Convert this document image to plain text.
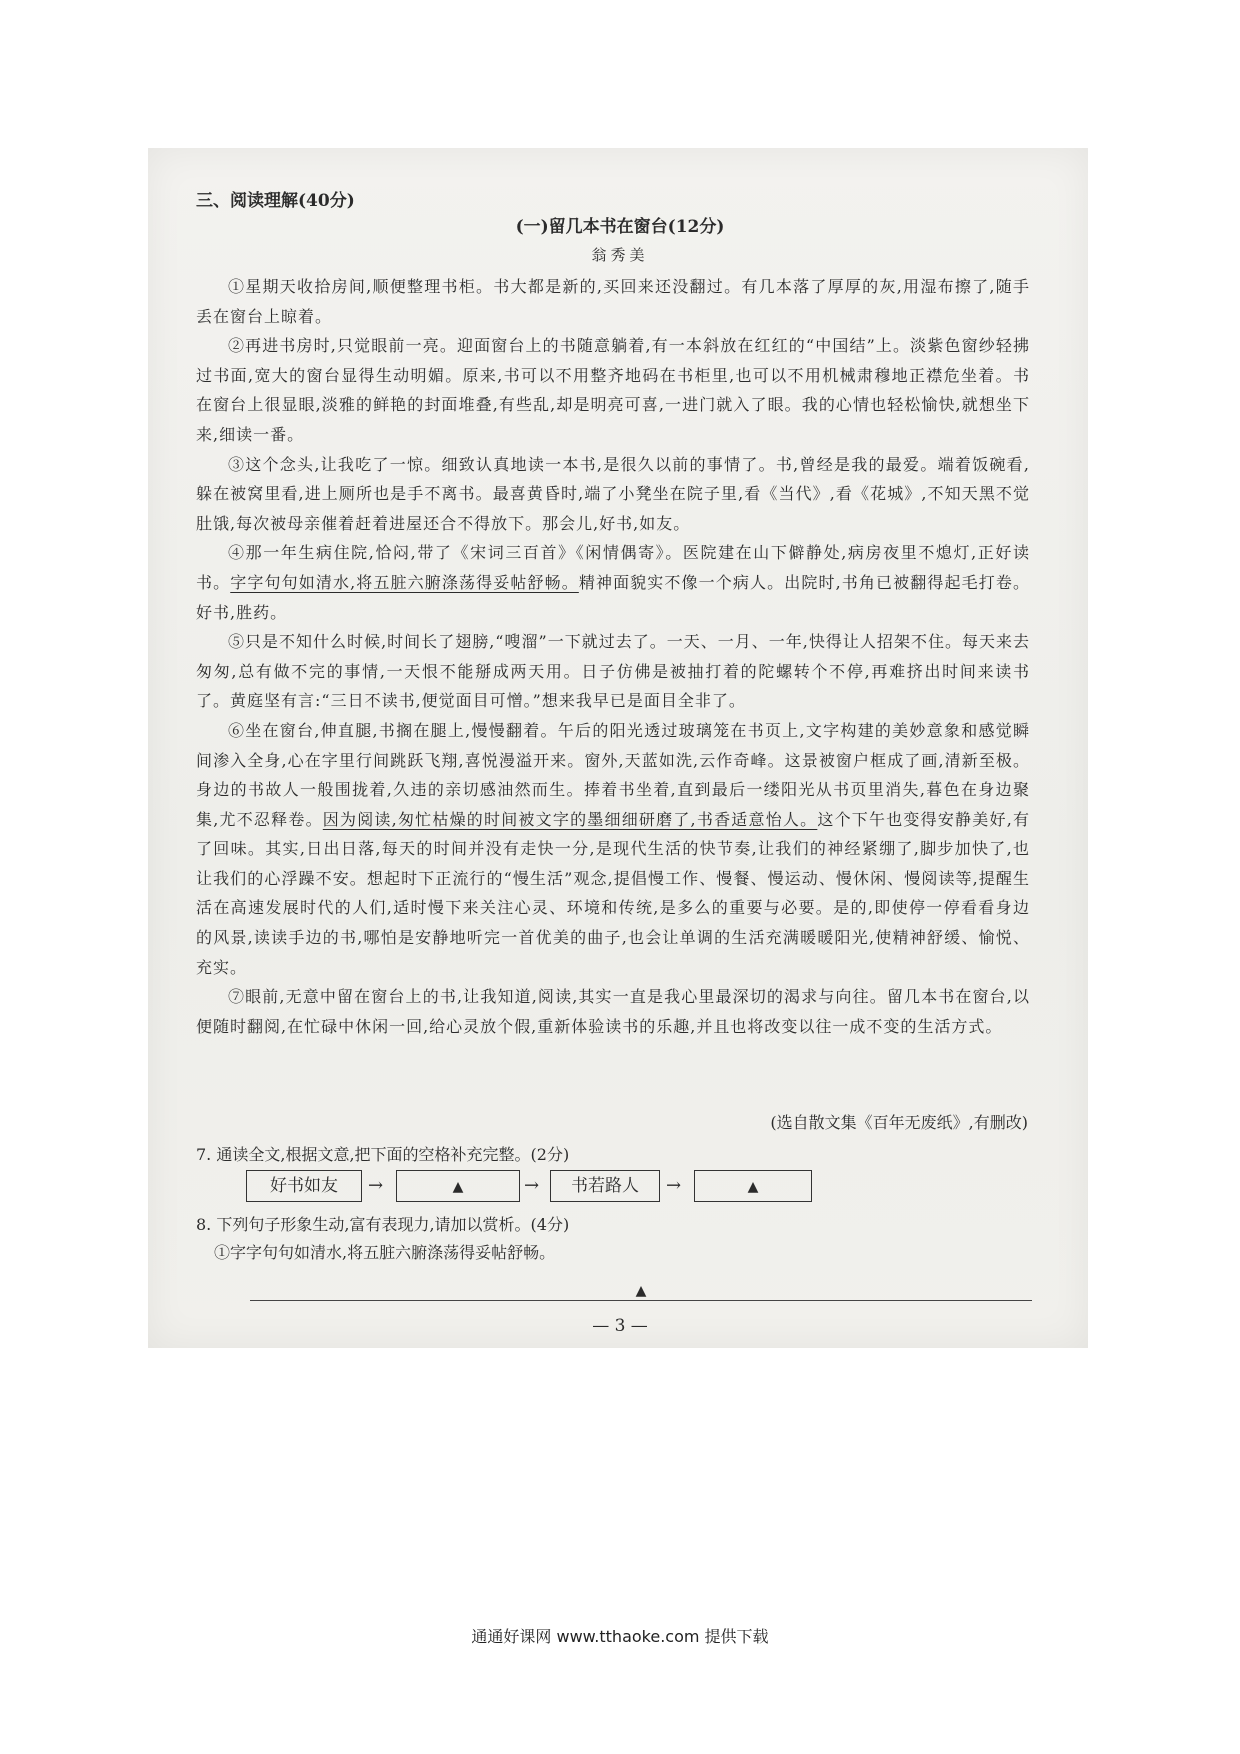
三、阅读理解(40分)
(一)留几本书在窗台(12分)
翁秀美

①星期天收拾房间,顺便整理书柜。书大都是新的,买回来还没翻过。有几本落了厚厚的灰,用湿布擦了,随手丢在窗台上晾着。

②再进书房时,只觉眼前一亮。迎面窗台上的书随意躺着,有一本斜放在红红的“中国结”上。淡紫色窗纱轻拂过书面,宽大的窗台显得生动明媚。原来,书可以不用整齐地码在书柜里,也可以不用机械肃穆地正襟危坐着。书在窗台上很显眼,淡雅的鲜艳的封面堆叠,有些乱,却是明亮可喜,一进门就入了眼。我的心情也轻松愉快,就想坐下来,细读一番。

③这个念头,让我吃了一惊。细致认真地读一本书,是很久以前的事情了。书,曾经是我的最爱。端着饭碗看,躲在被窝里看,进上厕所也是手不离书。最喜黄昏时,端了小凳坐在院子里,看《当代》,看《花城》,不知天黑不觉肚饿,每次被母亲催着赶着进屋还合不得放下。那会儿,好书,如友。

④那一年生病住院,恰闷,带了《宋词三百首》《闲情偶寄》。医院建在山下僻静处,病房夜里不熄灯,正好读书。字字句句如清水,将五脏六腑涤荡得妥帖舒畅。精神面貌实不像一个病人。出院时,书角已被翻得起毛打卷。好书,胜药。

⑤只是不知什么时候,时间长了翅膀,“嗖溜”一下就过去了。一天、一月、一年,快得让人招架不住。每天来去匆匆,总有做不完的事情,一天恨不能掰成两天用。日子仿佛是被抽打着的陀螺转个不停,再难挤出时间来读书了。黄庭坚有言:“三日不读书,便觉面目可憎。”想来我早已是面目全非了。

⑥坐在窗台,伸直腿,书搁在腿上,慢慢翻着。午后的阳光透过玻璃笼在书页上,文字构建的美妙意象和感觉瞬间渗入全身,心在字里行间跳跃飞翔,喜悦漫溢开来。窗外,天蓝如洗,云作奇峰。这景被窗户框成了画,清新至极。身边的书故人一般围拢着,久违的亲切感油然而生。捧着书坐着,直到最后一缕阳光从书页里消失,暮色在身边聚集,尤不忍释卷。因为阅读,匆忙枯燥的时间被文字的墨细细研磨了,书香适意怡人。这个下午也变得安静美好,有了回味。其实,日出日落,每天的时间并没有走快一分,是现代生活的快节奏,让我们的神经紧绷了,脚步加快了,也让我们的心浮躁不安。想起时下正流行的“慢生活”观念,提倡慢工作、慢餐、慢运动、慢休闲、慢阅读等,提醒生活在高速发展时代的人们,适时慢下来关注心灵、环境和传统,是多么的重要与必要。是的,即使停一停看看身边的风景,读读手边的书,哪怕是安静地听完一首优美的曲子,也会让单调的生活充满暖暖阳光,使精神舒缓、愉悦、充实。

⑦眼前,无意中留在窗台上的书,让我知道,阅读,其实一直是我心里最深切的渴求与向往。留几本书在窗台,以便随时翻阅,在忙碌中休闲一回,给心灵放个假,重新体验读书的乐趣,并且也将改变以往一成不变的生活方式。

(选自散文集《百年无废纸》,有删改)
7. 通读全文,根据文意,把下面的空格补充完整。(2分)
好书如友	→	▲	→	书若路人	→	▲
8. 下列句子形象生动,富有表现力,请加以赏析。(4分)
①字字句句如清水,将五脏六腑涤荡得妥帖舒畅。
▲
— 3 —
通通好课网 www.tthaoke.com 提供下载
